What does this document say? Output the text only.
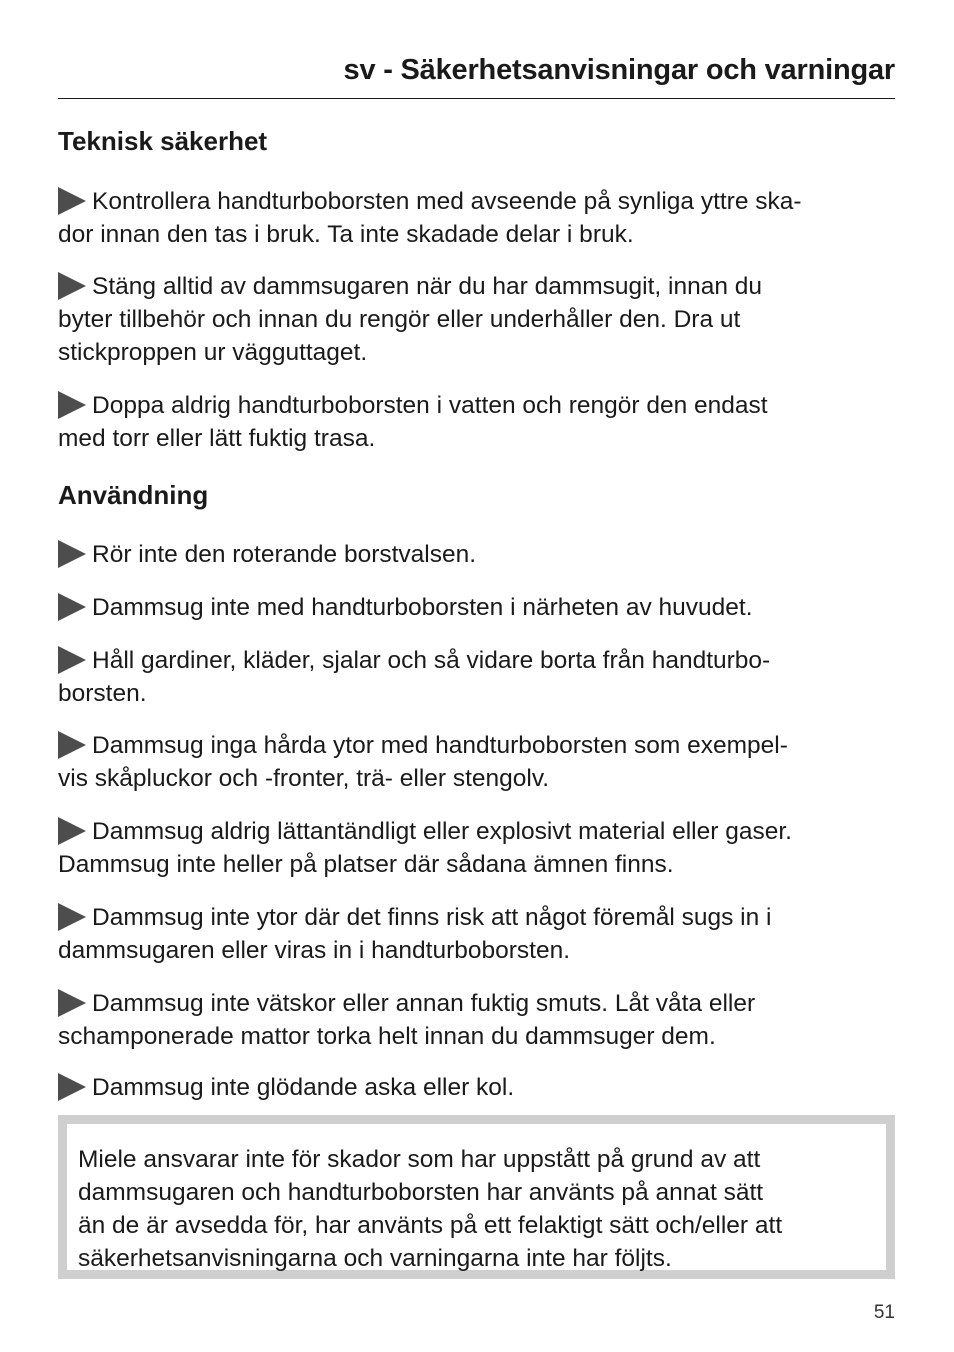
sv - Säkerhetsanvisningar och varningar
Teknisk säkerhet
Kontrollera handturboborsten med avseende på synliga yttre ska-
dor innan den tas i bruk. Ta inte skadade delar i bruk.
Stäng alltid av dammsugaren när du har dammsugit, innan du
byter tillbehör och innan du rengör eller underhåller den. Dra ut
stickproppen ur vägguttaget.
Doppa aldrig handturboborsten i vatten och rengör den endast
med torr eller lätt fuktig trasa.
Användning
Rör inte den roterande borstvalsen.
Dammsug inte med handturboborsten i närheten av huvudet.
Håll gardiner, kläder, sjalar och så vidare borta från handturbo-
borsten.
Dammsug inga hårda ytor med handturboborsten som exempel-
vis skåpluckor och -fronter, trä- eller stengolv.
Dammsug aldrig lättantändligt eller explosivt material eller gaser.
Dammsug inte heller på platser där sådana ämnen finns.
Dammsug inte ytor där det finns risk att något föremål sugs in i
dammsugaren eller viras in i handturboborsten.
Dammsug inte vätskor eller annan fuktig smuts. Låt våta eller
schamponerade mattor torka helt innan du dammsuger dem.
Dammsug inte glödande aska eller kol.
Miele ansvarar inte för skador som har uppstått på grund av att
dammsugaren och handturboborsten har använts på annat sätt
än de är avsedda för, har använts på ett felaktigt sätt och/eller att
säkerhetsanvisningarna och varningarna inte har följts.
51
